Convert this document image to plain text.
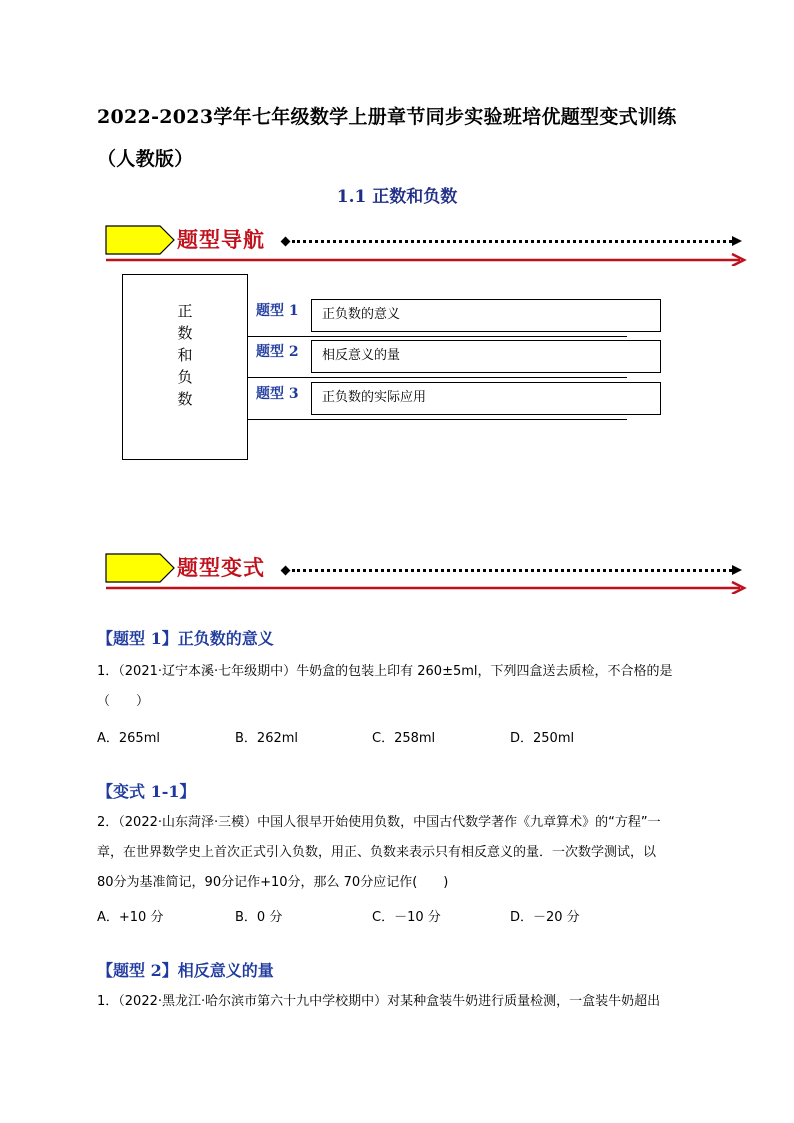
2022-2023学年七年级数学上册章节同步实验班培优题型变式训练（人教版）
1.1 正数和负数
题型导航
正
数
和
负
数
题型 1	正负数的意义
题型 2	相反意义的量
题型 3	正负数的实际应用
题型变式
【题型 1】正负数的意义
1．（2021·辽宁本溪·七年级期中）牛奶盒的包装上印有 260±5ml，下列四盒送去质检，不合格的是
（　　）
A．265ml	B．262ml	C．258ml	D．250ml
【变式 1-1】
2．（2022·山东菏泽·三模）中国人很早开始使用负数，中国古代数学著作《九章算术》的“方程”一
章，在世界数学史上首次正式引入负数，用正、负数来表示只有相反意义的量．一次数学测试，以
80分为基准简记，90分记作+10分，那么 70分应记作(　　)
A．+10 分	B．0 分	C．－10 分	D．－20 分
【题型 2】相反意义的量
1．（2022·黑龙江·哈尔滨市第六十九中学校期中）对某种盒装牛奶进行质量检测，一盒装牛奶超出
